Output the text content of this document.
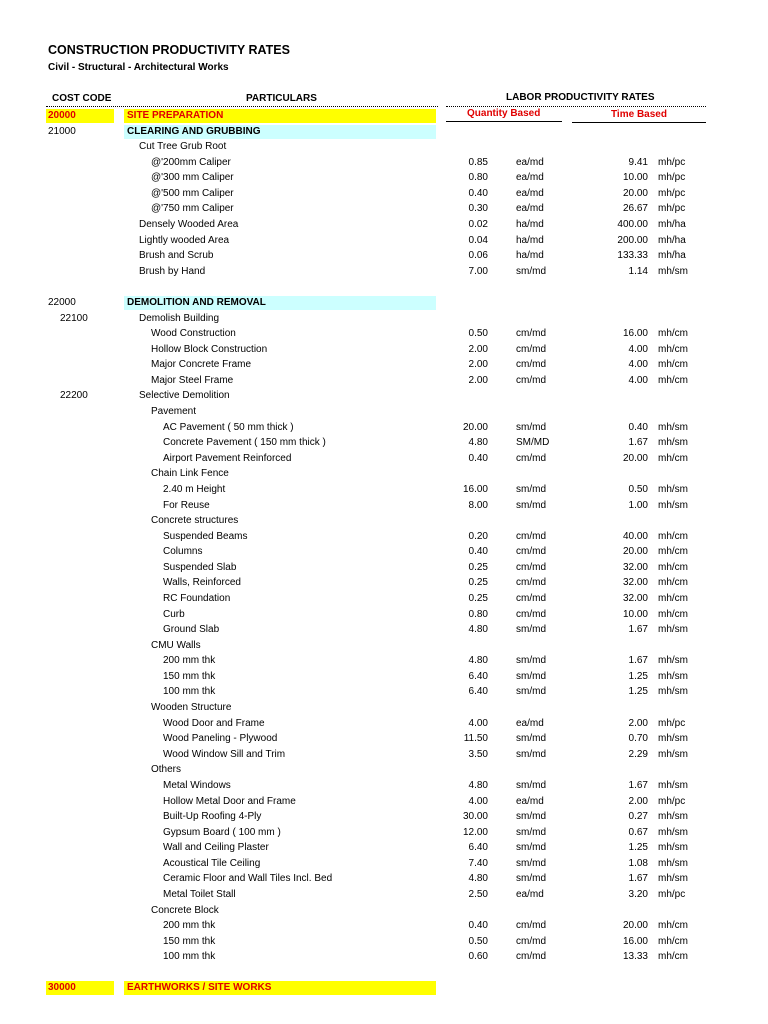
CONSTRUCTION PRODUCTIVITY RATES
Civil - Structural - Architectural Works
COST CODE	PARTICULARS	LABOR PRODUCTIVITY RATES
Quantity Based	Time Based
20000	SITE PREPARATION
21000	CLEARING AND GRUBBING
Cut Tree Grub Root
@'200mm Caliper	0.85	ea/md	9.41 mh/pc
@'300 mm Caliper	0.80	ea/md	10.00 mh/pc
@'500 mm Caliper	0.40	ea/md	20.00 mh/pc
@'750 mm Caliper	0.30	ea/md	26.67 mh/pc
Densely Wooded Area	0.02	ha/md	400.00 mh/ha
Lightly wooded Area	0.04	ha/md	200.00 mh/ha
Brush and Scrub	0.06	ha/md	133.33 mh/ha
Brush by Hand	7.00	sm/md	1.14 mh/sm
22000	DEMOLITION AND REMOVAL
22100	Demolish Building
Wood Construction	0.50	cm/md	16.00 mh/cm
Hollow Block Construction	2.00	cm/md	4.00 mh/cm
Major Concrete Frame	2.00	cm/md	4.00 mh/cm
Major Steel Frame	2.00	cm/md	4.00 mh/cm
22200	Selective Demolition
Pavement
AC Pavement ( 50 mm thick )	20.00	sm/md	0.40 mh/sm
Concrete Pavement ( 150 mm thick )	4.80	SM/MD	1.67 mh/sm
Airport Pavement Reinforced	0.40	cm/md	20.00 mh/cm
Chain Link Fence
2.40 m Height	16.00	sm/md	0.50 mh/sm
For Reuse	8.00	sm/md	1.00 mh/sm
Concrete structures
Suspended Beams	0.20	cm/md	40.00 mh/cm
Columns	0.40	cm/md	20.00 mh/cm
Suspended Slab	0.25	cm/md	32.00 mh/cm
Walls, Reinforced	0.25	cm/md	32.00 mh/cm
RC Foundation	0.25	cm/md	32.00 mh/cm
Curb	0.80	cm/md	10.00 mh/cm
Ground Slab	4.80	sm/md	1.67 mh/sm
CMU Walls
200 mm thk	4.80	sm/md	1.67 mh/sm
150 mm thk	6.40	sm/md	1.25 mh/sm
100 mm thk	6.40	sm/md	1.25 mh/sm
Wooden Structure
Wood Door and Frame	4.00	ea/md	2.00 mh/pc
Wood Paneling - Plywood	11.50	sm/md	0.70 mh/sm
Wood Window Sill and Trim	3.50	sm/md	2.29 mh/sm
Others
Metal Windows	4.80	sm/md	1.67 mh/sm
Hollow Metal Door and Frame	4.00	ea/md	2.00 mh/pc
Built-Up Roofing 4-Ply	30.00	sm/md	0.27 mh/sm
Gypsum Board ( 100 mm )	12.00	sm/md	0.67 mh/sm
Wall and Ceiling Plaster	6.40	sm/md	1.25 mh/sm
Acoustical Tile Ceiling	7.40	sm/md	1.08 mh/sm
Ceramic Floor and Wall Tiles Incl. Bed	4.80	sm/md	1.67 mh/sm
Metal Toilet Stall	2.50	ea/md	3.20 mh/pc
Concrete Block
200 mm thk	0.40	cm/md	20.00 mh/cm
150 mm thk	0.50	cm/md	16.00 mh/cm
100 mm thk	0.60	cm/md	13.33 mh/cm
30000	EARTHWORKS / SITE WORKS
